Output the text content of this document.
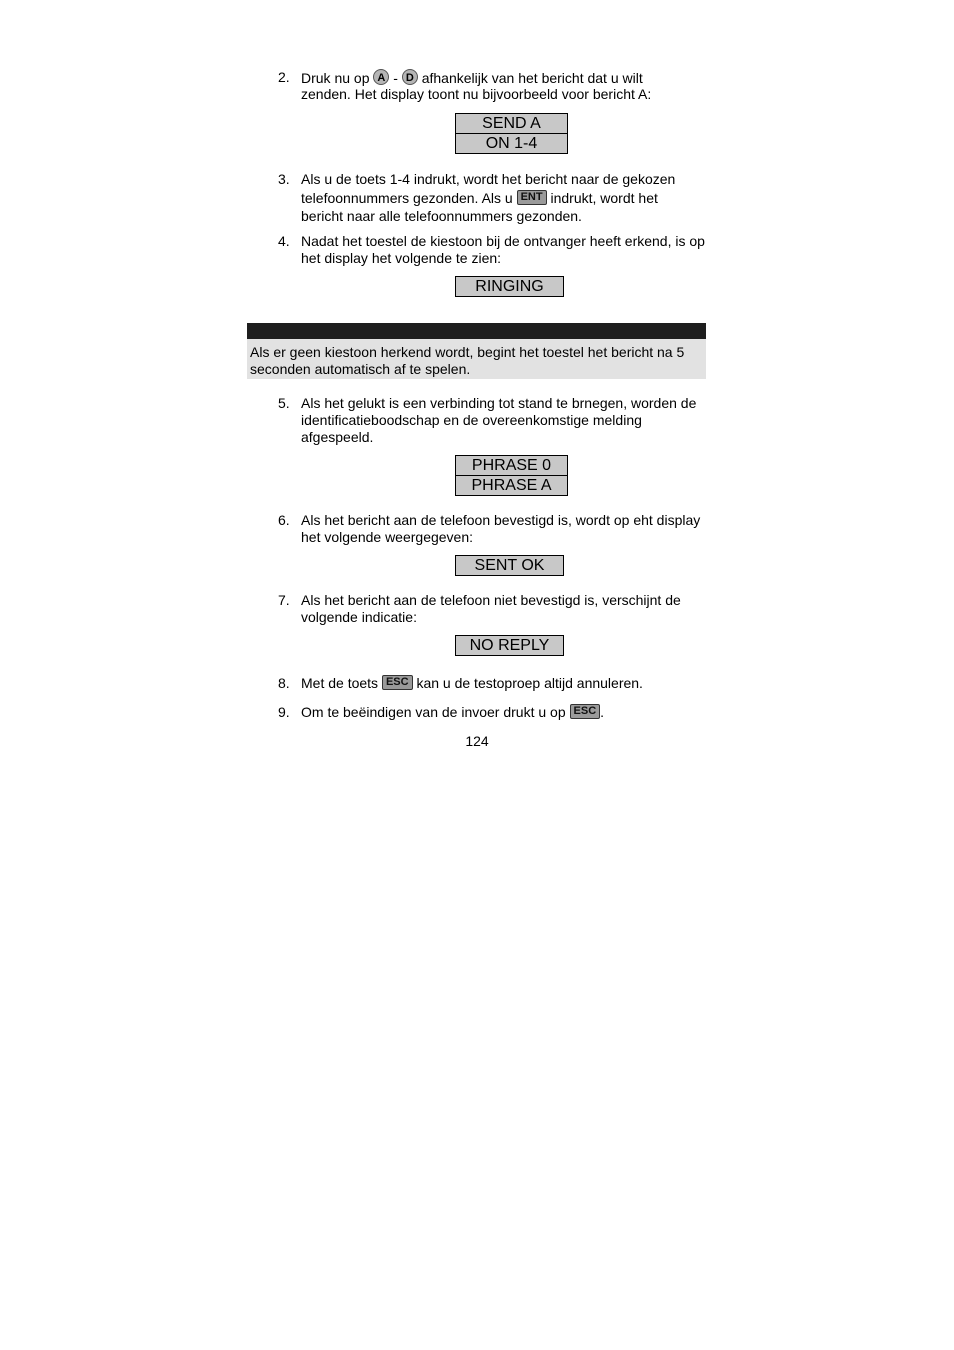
2. Druk nu op A - D afhankelijk van het bericht dat u wilt
zenden. Het display toont nu bijvoorbeeld voor bericht A:
SEND A
ON 1-4
3. Als u de toets 1-4 indrukt, wordt het bericht naar de gekozen
telefoonnummers gezonden. Als u ENT indrukt, wordt het
bericht naar alle telefoonnummers gezonden.
4. Nadat het toestel de kiestoon bij de ontvanger heeft erkend, is op het display het volgende te zien:
RINGING
Als er geen kiestoon herkend wordt, begint het toestel het bericht na 5 seconden automatisch af te spelen.
5. Als het gelukt is een verbinding tot stand te brnegen, worden de identificatieboodschap en de overeenkomstige melding afgespeeld.
PHRASE 0
PHRASE A
6. Als het bericht aan de telefoon bevestigd is, wordt op eht display het volgende weergegeven:
SENT OK
7. Als het bericht aan de telefoon niet bevestigd is, verschijnt de volgende indicatie:
NO REPLY
8. Met de toets ESC kan u de testoproep altijd annuleren.
9. Om te beëindigen van de invoer drukt u op ESC .
124
